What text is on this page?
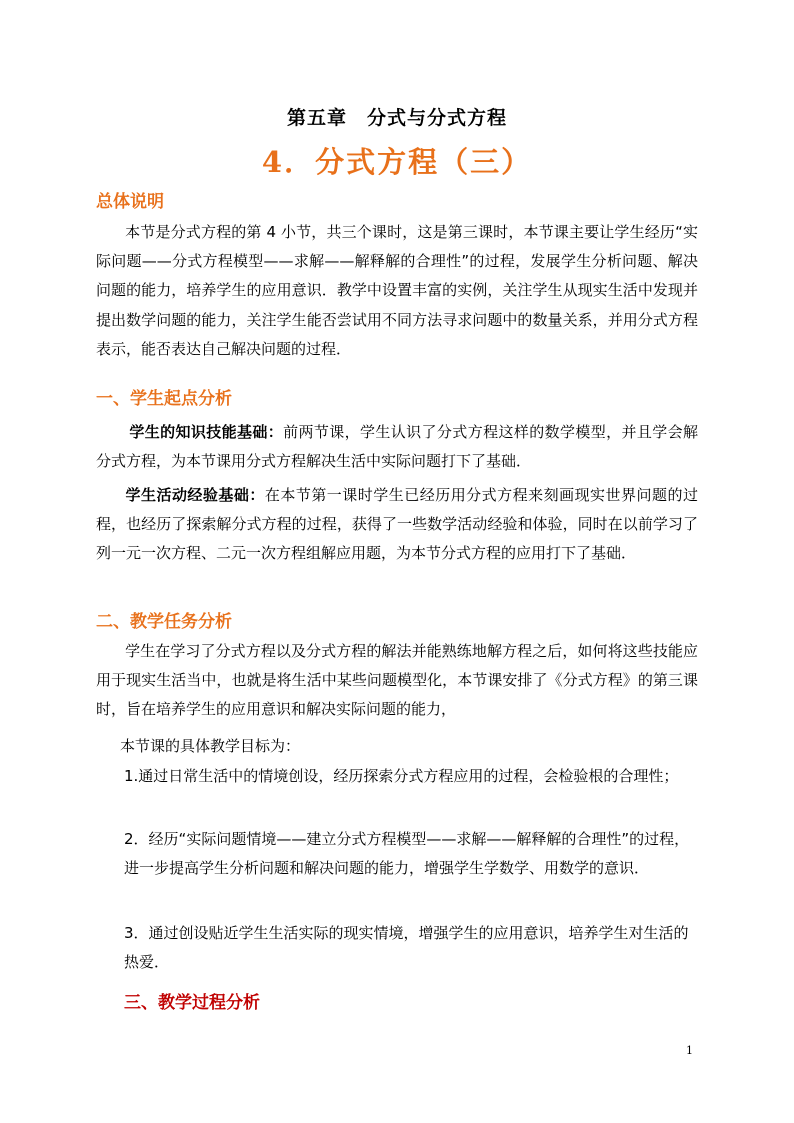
第五章　分式与分式方程
4．分式方程（三）
总体说明

本节是分式方程的第 4 小节，共三个课时，这是第三课时，本节课主要让学生经历“实际问题——分式方程模型——求解——解释解的合理性”的过程，发展学生分析问题、解决问题的能力，培养学生的应用意识．教学中设置丰富的实例，关注学生从现实生活中发现并提出数学问题的能力，关注学生能否尝试用不同方法寻求问题中的数量关系，并用分式方程表示，能否表达自己解决问题的过程．

一、学生起点分析

学生的知识技能基础：前两节课，学生认识了分式方程这样的数学模型，并且学会解分式方程，为本节课用分式方程解决生活中实际问题打下了基础．

学生活动经验基础：在本节第一课时学生已经历用分式方程来刻画现实世界问题的过程，也经历了探索解分式方程的过程，获得了一些数学活动经验和体验，同时在以前学习了列一元一次方程、二元一次方程组解应用题，为本节分式方程的应用打下了基础．

二、教学任务分析

学生在学习了分式方程以及分式方程的解法并能熟练地解方程之后，如何将这些技能应用于现实生活当中，也就是将生活中某些问题模型化，本节课安排了《分式方程》的第三课时，旨在培养学生的应用意识和解决实际问题的能力，

本节课的具体教学目标为：

1.通过日常生活中的情境创设，经历探索分式方程应用的过程，会检验根的合理性；

2．经历“实际问题情境——建立分式方程模型——求解——解释解的合理性”的过程，进一步提高学生分析问题和解决问题的能力，增强学生学数学、用数学的意识．

3．通过创设贴近学生生活实际的现实情境，增强学生的应用意识，培养学生对生活的热爱．

三、教学过程分析
1
